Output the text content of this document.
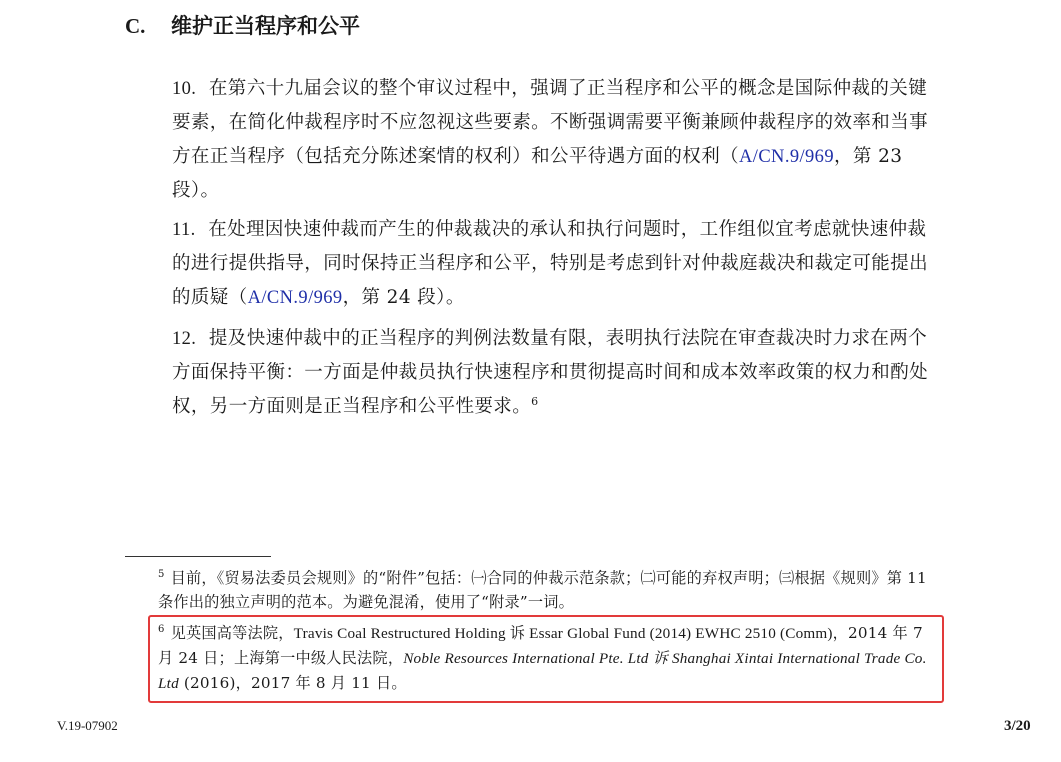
C. 维护正当程序和公平
10. 在第六十九届会议的整个审议过程中，强调了正当程序和公平的概念是国际仲裁的关键要素，在简化仲裁程序时不应忽视这些要素。不断强调需要平衡兼顾仲裁程序的效率和当事方在正当程序（包括充分陈述案情的权利）和公平待遇方面的权利（A/CN.9/969，第 23 段）。
11. 在处理因快速仲裁而产生的仲裁裁决的承认和执行问题时，工作组似宜考虑就快速仲裁的进行提供指导，同时保持正当程序和公平，特别是考虑到针对仲裁庭裁决和裁定可能提出的质疑（A/CN.9/969，第 24 段）。
12. 提及快速仲裁中的正当程序的判例法数量有限，表明执行法院在审查裁决时力求在两个方面保持平衡：一方面是仲裁员执行快速程序和贯彻提高时间和成本效率政策的权力和酌处权，另一方面则是正当程序和公平性要求。$^6$
$^5$ 目前，《贸易法委员会规则》的“附件”包括：㈠合同的仲裁示范条款；㈡可能的弃权声明；㈢根据《规则》第 11 条作出的独立声明的范本。为避免混淆，使用了“附录”一词。
$^6$ 见英国高等法院，Travis Coal Restructured Holding 诉 Essar Global Fund (2014) EWHC 2510 (Comm)，2014 年 7 月 24 日；上海第一中级人民法院，Noble Resources International Pte. Ltd 诉 Shanghai Xintai International Trade Co. Ltd (2016)，2017 年 8 月 11 日。
V.19-07902	3/20
